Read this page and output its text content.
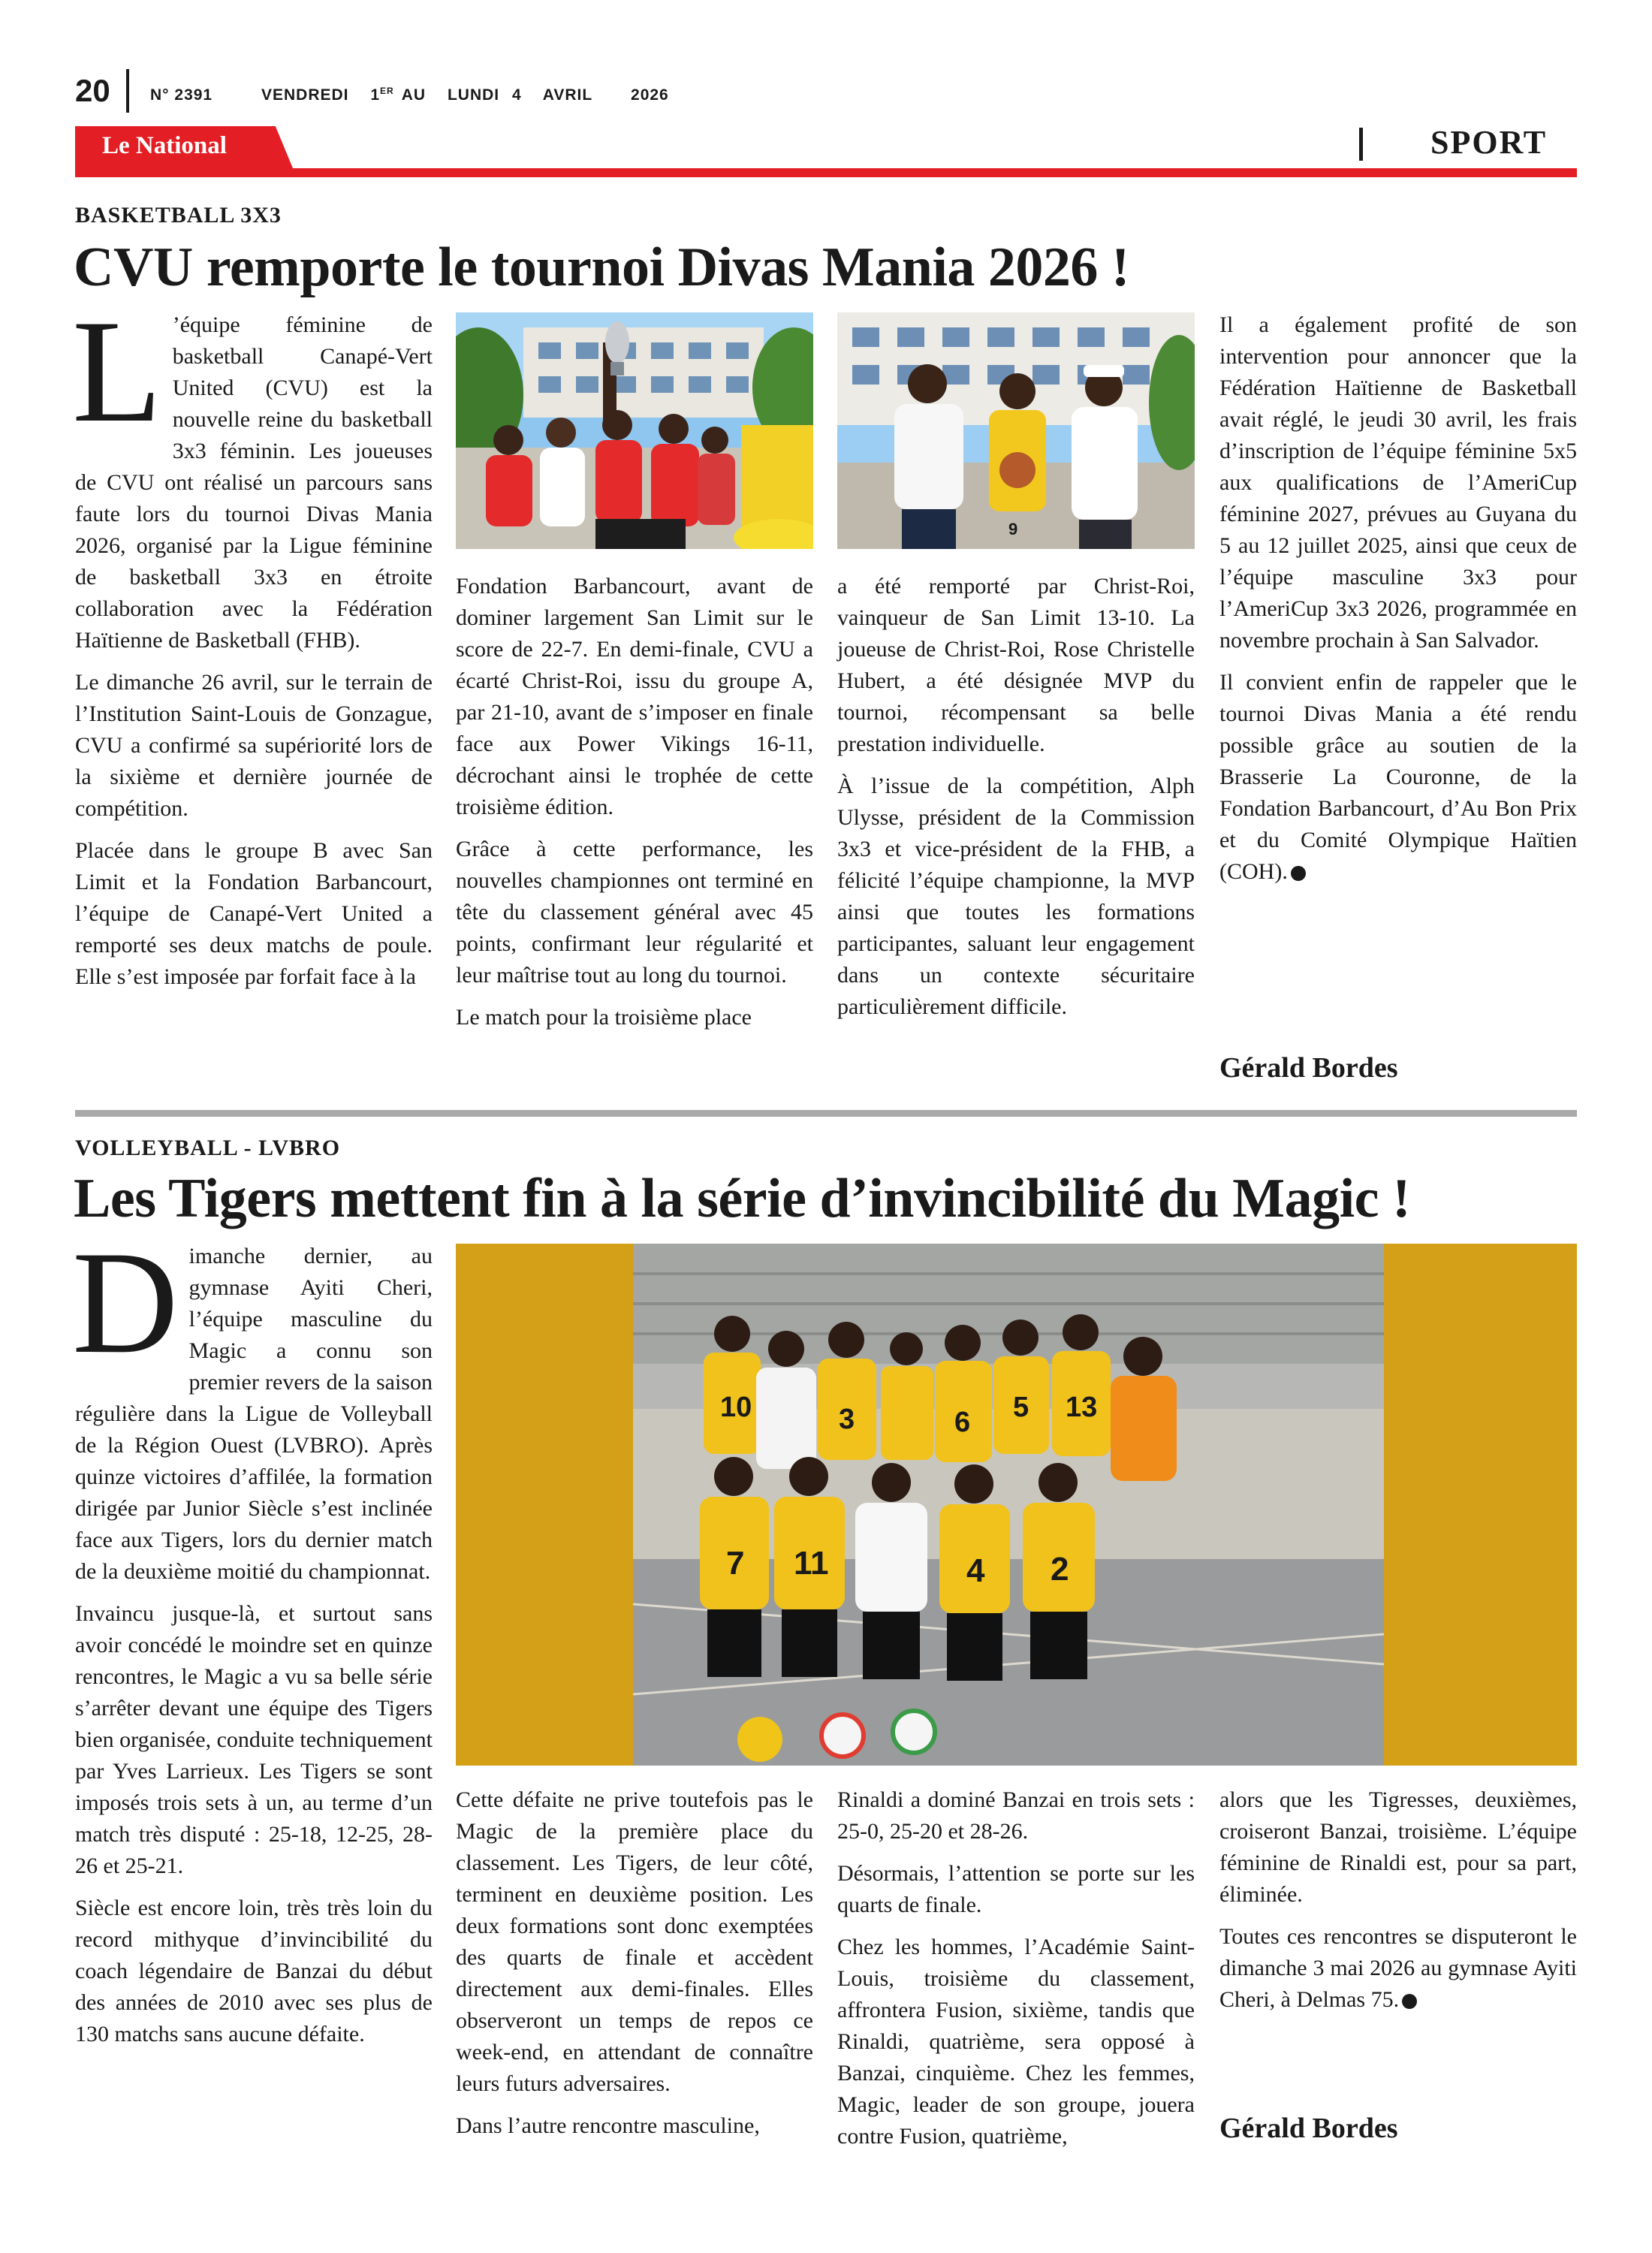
20	N° 2391	VENDREDI 1ER AU LUNDI 4 AVRIL 2026
Le National	SPORT
BASKETBALL 3X3
CVU remporte le tournoi Divas Mania 2026 !

L ’équipe féminine de basketball Canapé-Vert United (CVU) est la nouvelle reine du basketball 3x3 féminin. Les joueuses de CVU ont réalisé un parcours sans faute lors du tournoi Divas Mania 2026, organisé par la Ligue féminine de basketball 3x3 en étroite collaboration avec la Fédération Haïtienne de Basketball (FHB).

Le dimanche 26 avril, sur le terrain de l’Institution Saint-Louis de Gonzague, CVU a confirmé sa supériorité lors de la sixième et dernière journée de compétition.

Placée dans le groupe B avec San Limit et la Fondation Barbancourt, l’équipe de Canapé-Vert United a remporté ses deux matchs de poule. Elle s’est imposée par forfait face à la

Fondation Barbancourt, avant de dominer largement San Limit sur le score de 22-7. En demi-finale, CVU a écarté Christ-Roi, issu du groupe A, par 21-10, avant de s’imposer en finale face aux Power Vikings 16-11, décrochant ainsi le trophée de cette troisième édition.

Grâce à cette performance, les nouvelles championnes ont terminé en tête du classement général avec 45 points, confirmant leur régularité et leur maîtrise tout au long du tournoi.

Le match pour la troisième place

9

a été remporté par Christ-Roi, vainqueur de San Limit 13-10. La joueuse de Christ-Roi, Rose Christelle Hubert, a été désignée MVP du tournoi, récompensant sa belle prestation individuelle.

À l’issue de la compétition, Alph Ulysse, président de la Commission 3x3 et vice-président de la FHB, a félicité l’équipe championne, la MVP ainsi que toutes les formations participantes, saluant leur engagement dans un contexte sécuritaire particulièrement difficile.

Il a également profité de son intervention pour annoncer que la Fédération Haïtienne de Basketball avait réglé, le jeudi 30 avril, les frais d’inscription de l’équipe féminine 5x5 aux qualifications de l’AmeriCup féminine 2027, prévues au Guyana du 5 au 12 juillet 2025, ainsi que ceux de l’équipe masculine 3x3 pour l’AmeriCup 3x3 2026, programmée en novembre prochain à San Salvador.

Il convient enfin de rappeler que le tournoi Divas Mania a été rendu possible grâce au soutien de la Brasserie La Couronne, de la Fondation Barbancourt, d’Au Bon Prix et du Comité Olympique Haïtien (COH).

Gérald Bordes
VOLLEYBALL - LVBRO
Les Tigers mettent fin à la série d’invincibilité du Magic !

Dimanche dernier, au gymnase Ayiti Cheri, l’équipe masculine du Magic a connu son premier revers de la saison régulière dans la Ligue de Volleyball de la Région Ouest (LVBRO). Après quinze victoires d’affilée, la formation dirigée par Junior Siècle s’est inclinée face aux Tigers, lors du dernier match de la deuxième moitié du championnat.

Invaincu jusque-là, et surtout sans avoir concédé le moindre set en quinze rencontres, le Magic a vu sa belle série s’arrêter devant une équipe des Tigers bien organisée, conduite techniquement par Yves Larrieux. Les Tigers se sont imposés trois sets à un, au terme d’un match très disputé : 25-18, 12-25, 28-26 et 25-21.

Siècle est encore loin, très très loin du record mithyque d’invincibilité du coach légendaire de Banzai du début des années de 2010 avec ses plus de 130 matchs sans aucune défaite.

10	3	6 5 13
7 11	4 2

Cette défaite ne prive toutefois pas le Magic de la première place du classement. Les Tigers, de leur côté, terminent en deuxième position. Les deux formations sont donc exemptées des quarts de finale et accèdent directement aux demi-finales. Elles observeront un temps de repos ce week-end, en attendant de connaître leurs futurs adversaires.

Dans l’autre rencontre masculine,

Rinaldi a dominé Banzai en trois sets : 25-0, 25-20 et 28-26.

Désormais, l’attention se porte sur les quarts de finale.

Chez les hommes, l’Académie Saint-Louis, troisième du classement, affrontera Fusion, sixième, tandis que Rinaldi, quatrième, sera opposé à Banzai, cinquième. Chez les femmes, Magic, leader de son groupe, jouera contre Fusion, quatrième,

alors que les Tigresses, deuxièmes, croiseront Banzai, troisième. L’équipe féminine de Rinaldi est, pour sa part, éliminée.

Toutes ces rencontres se disputeront le dimanche 3 mai 2026 au gymnase Ayiti Cheri, à Delmas 75.

Gérald Bordes
